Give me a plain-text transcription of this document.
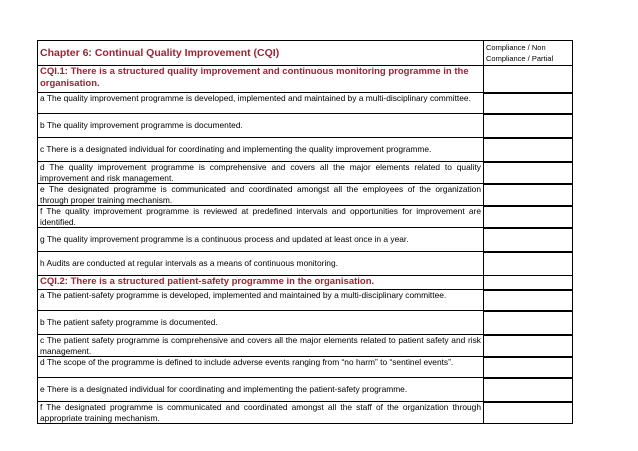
Chapter 6: Continual Quality Improvement (CQI)	Compliance / Non
Compliance / Partial

CQI.1: There is a structured quality improvement and continuous monitoring programme in the organisation.	
a The quality improvement programme is developed, implemented and maintained by a multi-disciplinary committee.	

b The quality improvement programme is documented.	

c There is a designated individual for coordinating and implementing the quality improvement programme.	

d The quality improvement programme is comprehensive and covers all the major elements related to quality improvement and risk management.	

e The designated programme is communicated and coordinated amongst all the employees of the organization through proper training mechanism.	

f The quality improvement programme is reviewed at predefined intervals and opportunities for improvement are identified.	

g The quality improvement programme is a continuous process and updated at least once in a year.	

h Audits are conducted at regular intervals as a means of continuous monitoring.	

CQI.2: There is a structured patient-safety programme in the organisation.	
a The patient-safety programme is developed, implemented and maintained by a multi-disciplinary committee.	

b The patient safety programme is documented.	

c The patient safety programme is comprehensive and covers all the major elements related to patient safety and risk management.	

d The scope of the programme is defined to include adverse events ranging from “no harm” to “sentinel events”.	

e There is a designated individual for coordinating and implementing the patient-safety programme.	

f The designated programme is communicated and coordinated amongst all the staff of the organization through appropriate training mechanism.	
